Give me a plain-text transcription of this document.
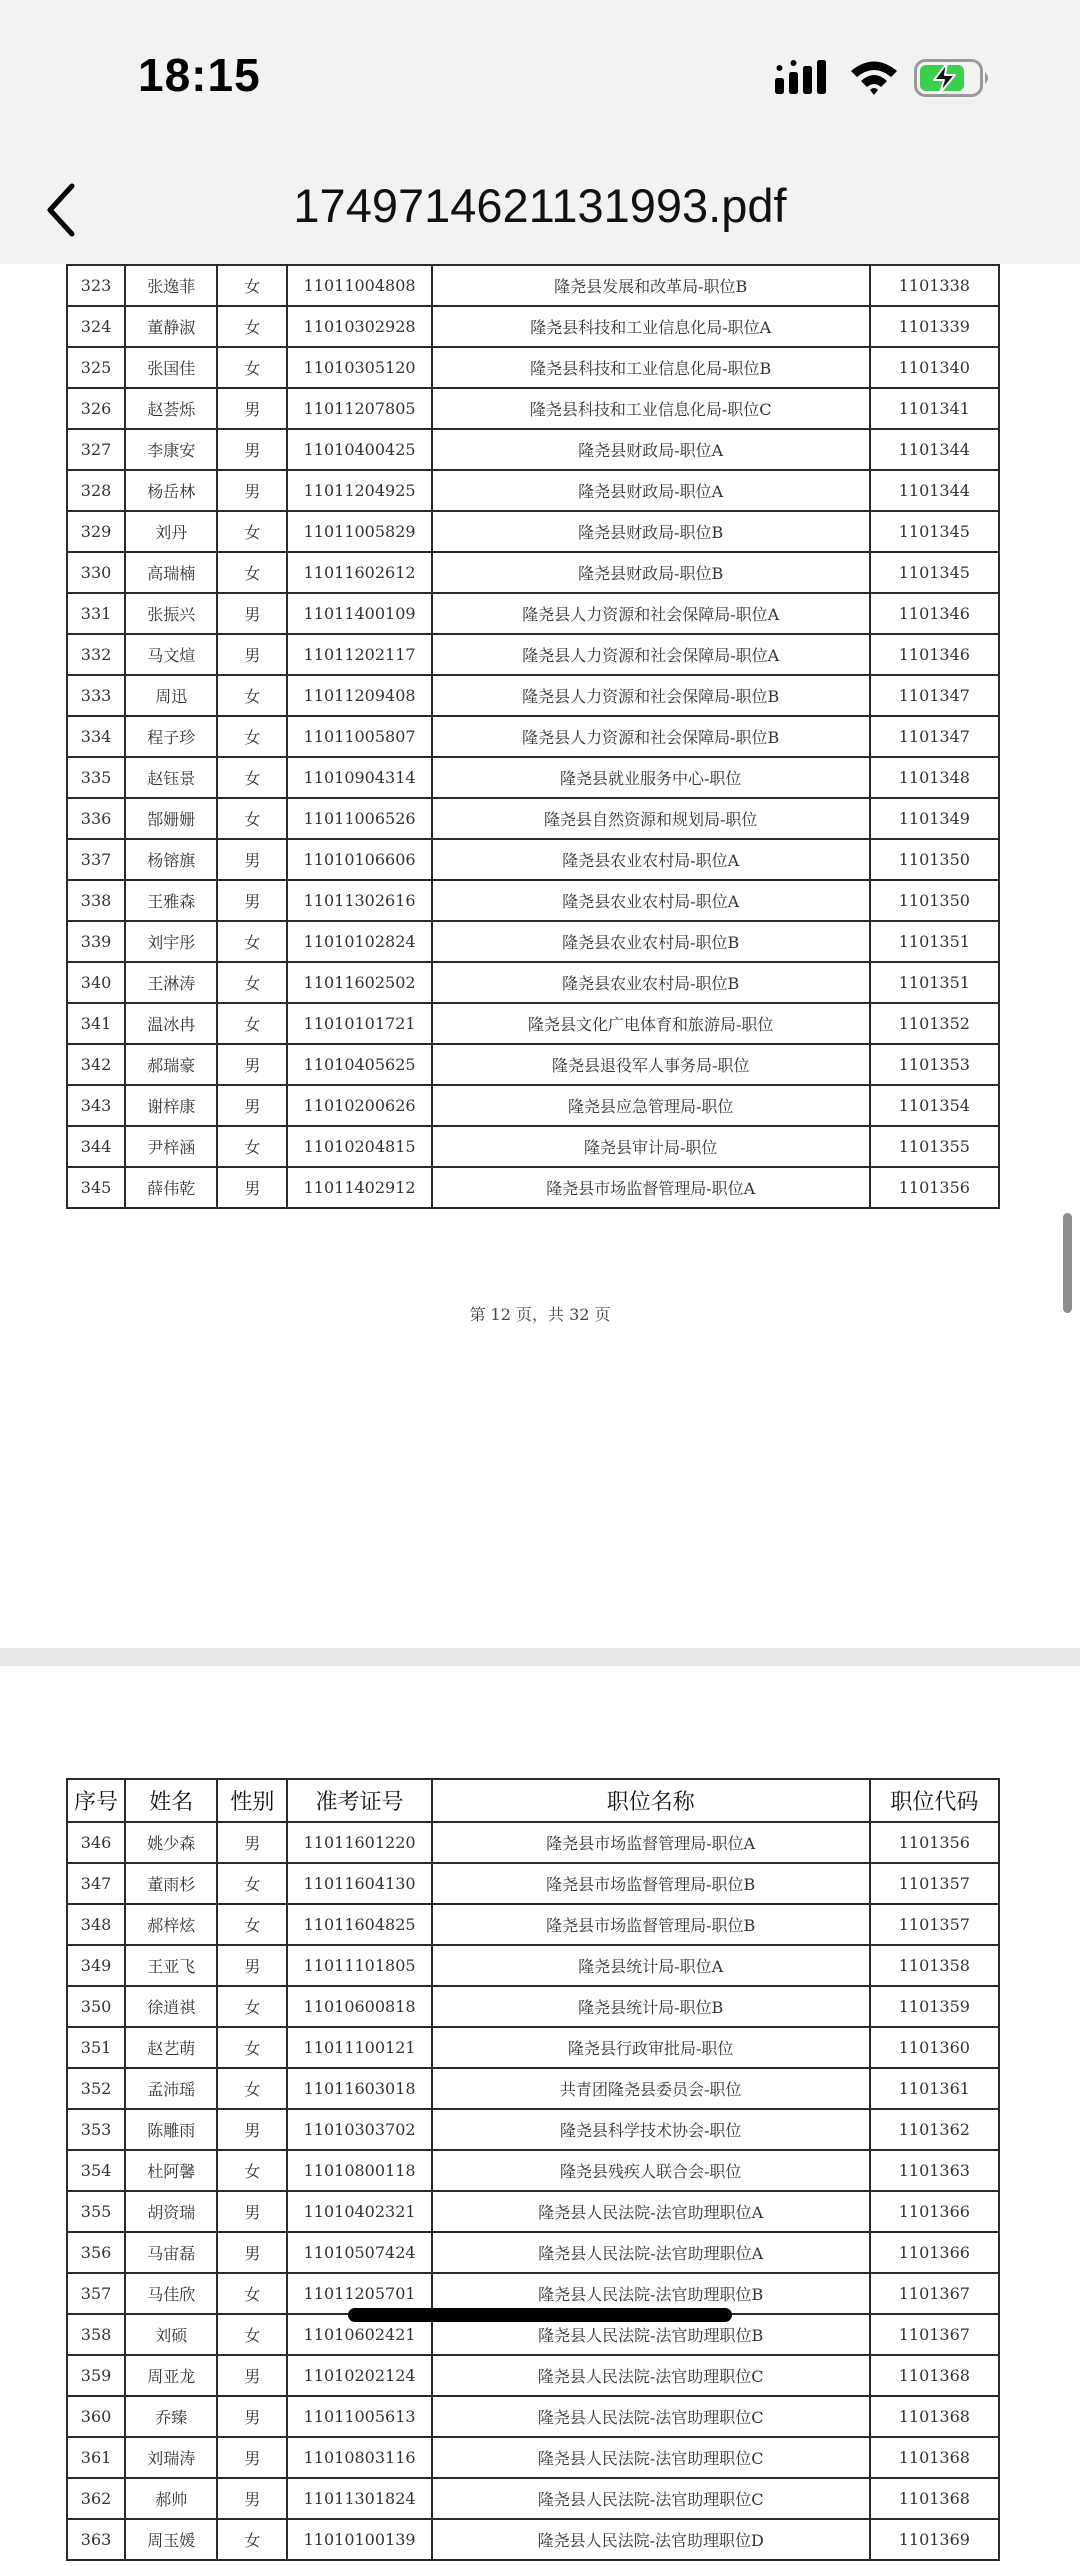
18:15
1749714621131993.pdf
323	张逸菲	女	11011004808	隆尧县发展和改革局-职位B	1101338
324	董静淑	女	11010302928	隆尧县科技和工业信息化局-职位A	1101339
325	张国佳	女	11010305120	隆尧县科技和工业信息化局-职位B	1101340
326	赵荟烁	男	11011207805	隆尧县科技和工业信息化局-职位C	1101341
327	李康安	男	11010400425	隆尧县财政局-职位A	1101344
328	杨岳林	男	11011204925	隆尧县财政局-职位A	1101344
329	刘丹	女	11011005829	隆尧县财政局-职位B	1101345
330	高瑞楠	女	11011602612	隆尧县财政局-职位B	1101345
331	张振兴	男	11011400109	隆尧县人力资源和社会保障局-职位A	1101346
332	马文煊	男	11011202117	隆尧县人力资源和社会保障局-职位A	1101346
333	周迅	女	11011209408	隆尧县人力资源和社会保障局-职位B	1101347
334	程子珍	女	11011005807	隆尧县人力资源和社会保障局-职位B	1101347
335	赵钰景	女	11010904314	隆尧县就业服务中心-职位	1101348
336	郜姗姗	女	11011006526	隆尧县自然资源和规划局-职位	1101349
337	杨镕旗	男	11010106606	隆尧县农业农村局-职位A	1101350
338	王雅森	男	11011302616	隆尧县农业农村局-职位A	1101350
339	刘宇彤	女	11010102824	隆尧县农业农村局-职位B	1101351
340	王淋涛	女	11011602502	隆尧县农业农村局-职位B	1101351
341	温冰冉	女	11010101721	隆尧县文化广电体育和旅游局-职位	1101352
342	郝瑞豪	男	11010405625	隆尧县退役军人事务局-职位	1101353
343	谢梓康	男	11010200626	隆尧县应急管理局-职位	1101354
344	尹梓涵	女	11010204815	隆尧县审计局-职位	1101355
345	薛伟乾	男	11011402912	隆尧县市场监督管理局-职位A	1101356
第 12 页，共 32 页
序号	姓名	性别	准考证号	职位名称	职位代码
346	姚少森	男	11011601220	隆尧县市场监督管理局-职位A	1101356
347	董雨杉	女	11011604130	隆尧县市场监督管理局-职位B	1101357
348	郝梓炫	女	11011604825	隆尧县市场监督管理局-职位B	1101357
349	王亚飞	男	11011101805	隆尧县统计局-职位A	1101358
350	徐逍祺	女	11010600818	隆尧县统计局-职位B	1101359
351	赵艺萌	女	11011100121	隆尧县行政审批局-职位	1101360
352	孟沛瑶	女	11011603018	共青团隆尧县委员会-职位	1101361
353	陈雕雨	男	11010303702	隆尧县科学技术协会-职位	1101362
354	杜阿馨	女	11010800118	隆尧县残疾人联合会-职位	1101363
355	胡资瑞	男	11010402321	隆尧县人民法院-法官助理职位A	1101366
356	马宙磊	男	11010507424	隆尧县人民法院-法官助理职位A	1101366
357	马佳欣	女	11011205701	隆尧县人民法院-法官助理职位B	1101367
358	刘硕	女	11010602421	隆尧县人民法院-法官助理职位B	1101367
359	周亚龙	男	11010202124	隆尧县人民法院-法官助理职位C	1101368
360	乔臻	男	11011005613	隆尧县人民法院-法官助理职位C	1101368
361	刘瑞涛	男	11010803116	隆尧县人民法院-法官助理职位C	1101368
362	郝帅	男	11011301824	隆尧县人民法院-法官助理职位C	1101368
363	周玉媛	女	11010100139	隆尧县人民法院-法官助理职位D	1101369
